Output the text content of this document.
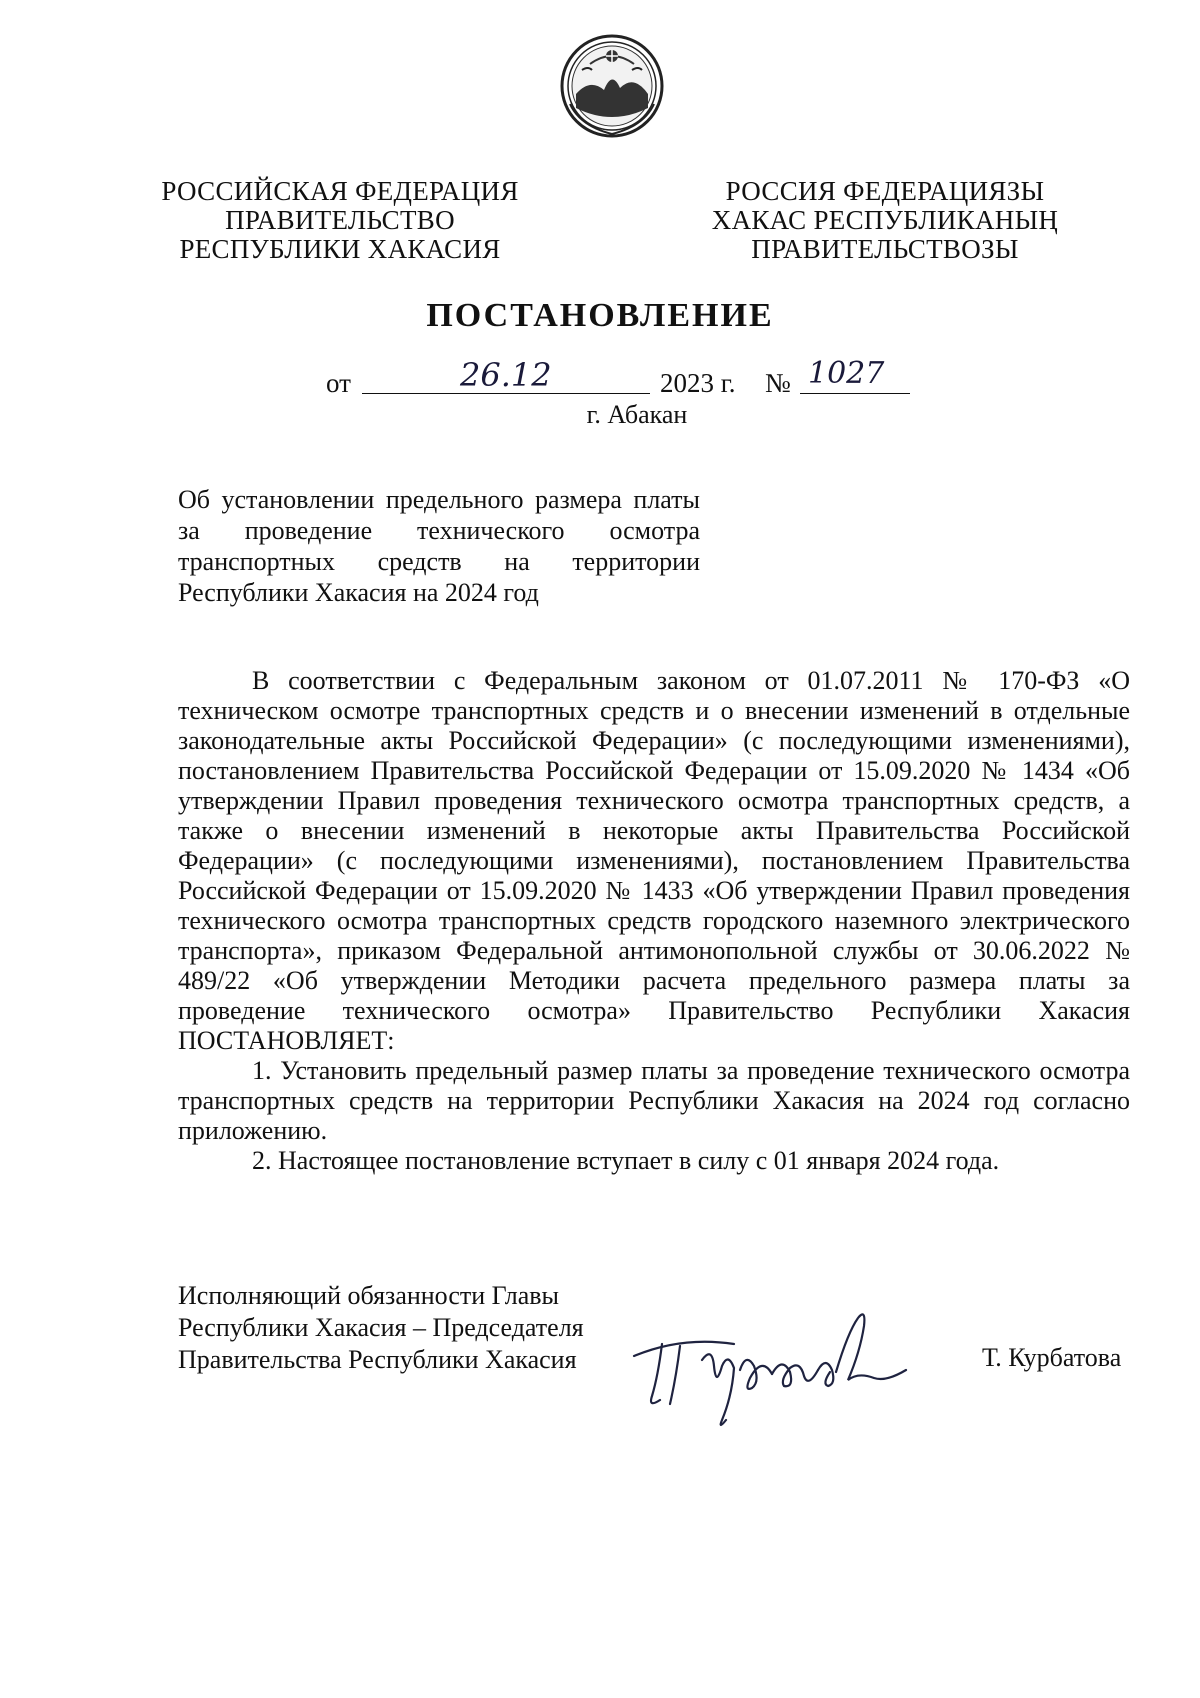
РОССИЙСКАЯ ФЕДЕРАЦИЯ
ПРАВИТЕЛЬСТВО
РЕСПУБЛИКИ ХАКАСИЯ
РОССИЯ ФЕДЕРАЦИЯЗЫ
ХАКАС РЕСПУБЛИКАНЫҢ
ПРАВИТЕЛЬСТВОЗЫ
ПОСТАНОВЛЕНИЕ
от	26.12	2023 г. № 1027
г. Абакан
Об установлении предельного размера платы
за проведение технического осмотра
транспортных средств на территории
Республики Хакасия на 2024 год

В соответствии с Федеральным законом от 01.07.2011 № 170-ФЗ «О техническом осмотре транспортных средств и о внесении изменений в отдельные законодательные акты Российской Федерации» (с последующими изменениями), постановлением Правительства Российской Федерации от 15.09.2020 № 1434 «Об утверждении Правил проведения технического осмотра транспортных средств, а также о внесении изменений в некоторые акты Правительства Российской Федерации» (с последующими изменениями), постановлением Правительства Российской Федерации от 15.09.2020 № 1433 «Об утверждении Правил проведения технического осмотра транспортных средств городского наземного электрического транспорта», приказом Федеральной антимонопольной службы от 30.06.2022 № 489/22 «Об утверждении Методики расчета предельного размера платы за проведение технического осмотра» Правительство Республики Хакасия ПОСТАНОВЛЯЕТ:

1. Установить предельный размер платы за проведение технического осмотра транспортных средств на территории Республики Хакасия на 2024 год согласно приложению.

2. Настоящее постановление вступает в силу с 01 января 2024 года.

Исполняющий обязанности Главы
Республики Хакасия – Председателя
Правительства Республики Хакасия	Т. Курбатова
